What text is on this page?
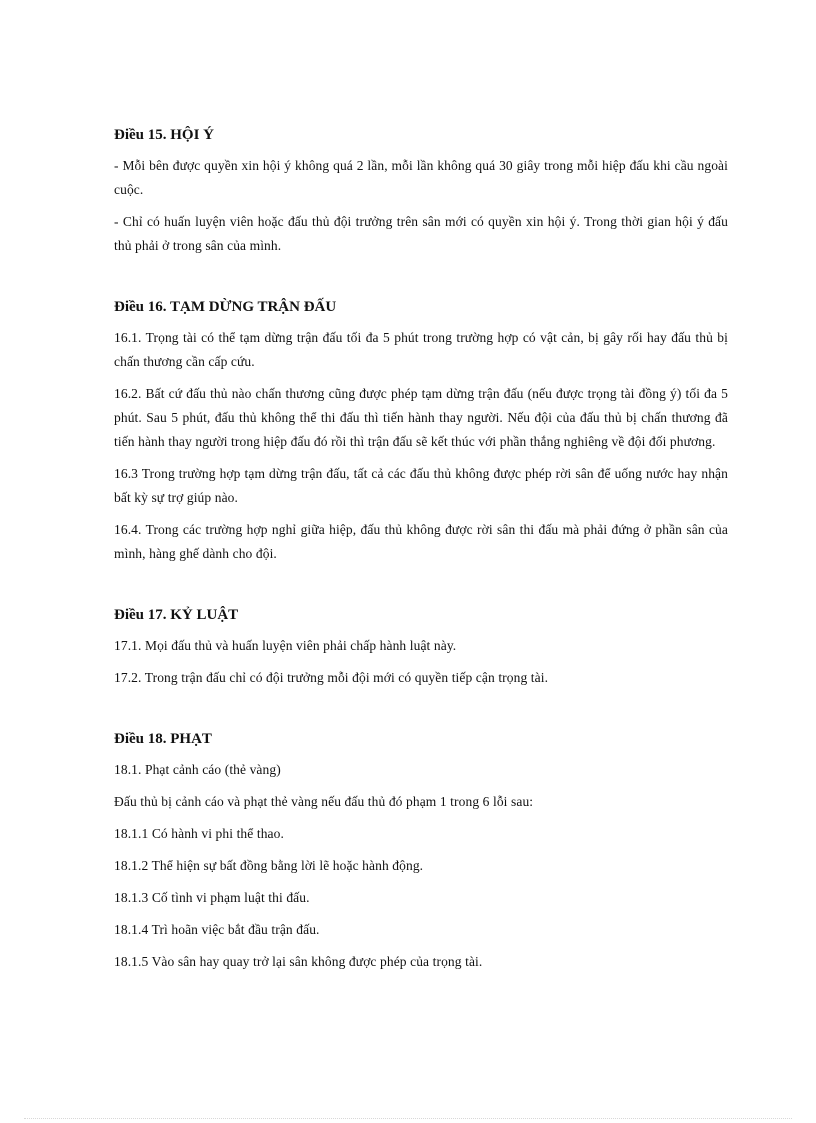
Điều 15. HỘI Ý

- Mỗi bên được quyền xin hội ý không quá 2 lần, mỗi lần không quá 30 giây trong mỗi hiệp đấu khi cầu ngoài cuộc.

- Chỉ có huấn luyện viên hoặc đấu thủ đội trưởng trên sân mới có quyền xin hội ý. Trong thời gian hội ý đấu thủ phải ở trong sân của mình.

Điều 16. TẠM DỪNG TRẬN ĐẤU

16.1. Trọng tài có thể tạm dừng trận đấu tối đa 5 phút trong trường hợp có vật cản, bị gây rối hay đấu thủ bị chấn thương cần cấp cứu.

16.2. Bất cứ đấu thủ nào chấn thương cũng được phép tạm dừng trận đấu (nếu được trọng tài đồng ý) tối đa 5 phút. Sau 5 phút, đấu thủ không thể thi đấu thì tiến hành thay người. Nếu đội của đấu thủ bị chấn thương đã tiến hành thay người trong hiệp đấu đó rồi thì trận đấu sẽ kết thúc với phần thắng nghiêng về đội đối phương.

16.3 Trong trường hợp tạm dừng trận đấu, tất cả các đấu thủ không được phép rời sân để uống nước hay nhận bất kỳ sự trợ giúp nào.

16.4. Trong các trường hợp nghỉ giữa hiệp, đấu thủ không được rời sân thi đấu mà phải đứng ở phần sân của mình, hàng ghế dành cho đội.

Điều 17. KỶ LUẬT

17.1. Mọi đấu thủ và huấn luyện viên phải chấp hành luật này.

17.2. Trong trận đấu chỉ có đội trưởng mỗi đội mới có quyền tiếp cận trọng tài.

Điều 18. PHẠT

18.1. Phạt cảnh cáo (thẻ vàng)

Đấu thủ bị cảnh cáo và phạt thẻ vàng nếu đấu thủ đó phạm 1 trong 6 lỗi sau:

18.1.1 Có hành vi phi thể thao.

18.1.2 Thể hiện sự bất đồng bằng lời lẽ hoặc hành động.

18.1.3 Cố tình vi phạm luật thi đấu.

18.1.4 Trì hoãn việc bắt đầu trận đấu.

18.1.5 Vào sân hay quay trở lại sân không được phép của trọng tài.
